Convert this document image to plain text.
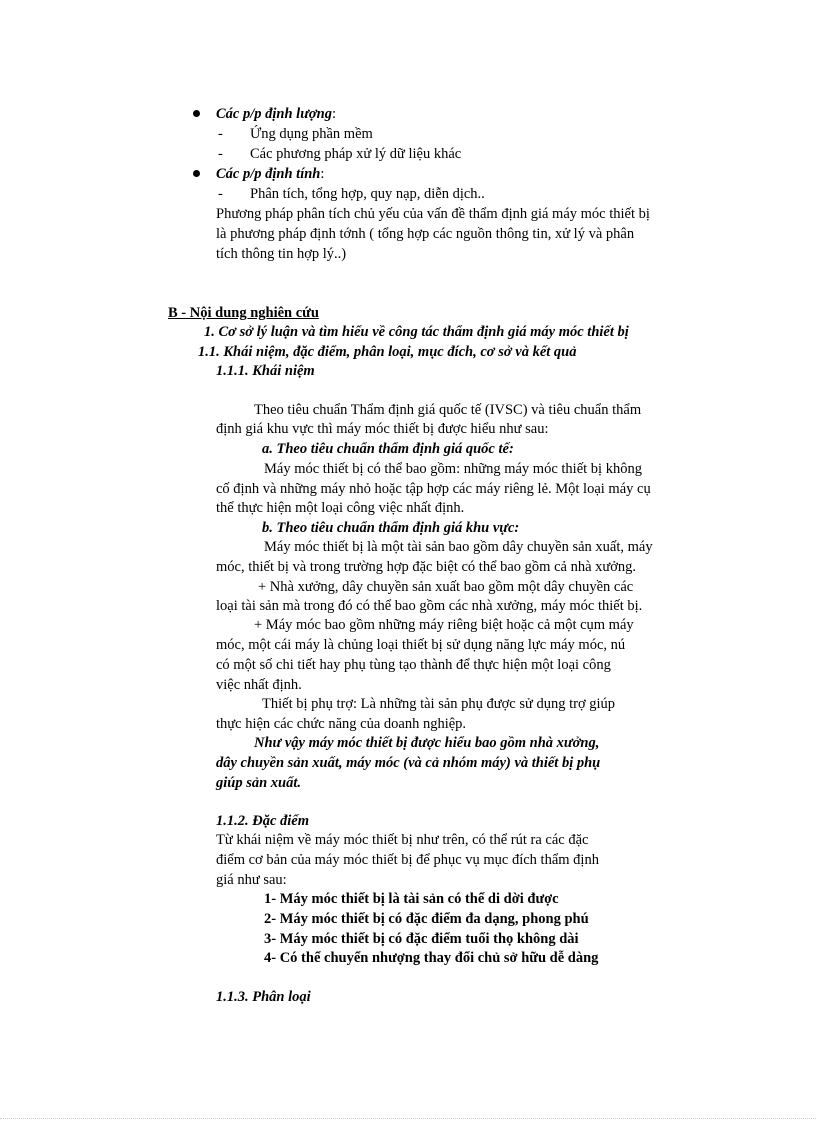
Các p/p định lượng:
- Ứng dụng phần mềm
- Các phương pháp xử lý dữ liệu khác
Các p/p định tính:
- Phân tích, tổng hợp, quy nạp, diễn dịch..
Phương pháp phân tích chủ yếu của vấn đề thẩm định giá máy móc thiết bị
là phương pháp định tớnh ( tổng hợp các nguồn thông tin, xử lý và phân
tích thông tin hợp lý..)
B - Nội dung nghiên cứu
1. Cơ sở lý luận và tìm hiểu về công tác thẩm định giá máy móc thiết bị
1.1. Khái niệm, đặc điểm, phân loại, mục đích, cơ sở và kết quả
1.1.1. Khái niệm
Theo tiêu chuẩn Thẩm định giá quốc tế (IVSC) và tiêu chuẩn thẩm
định giá khu vực thì máy móc thiết bị được hiểu như sau:
a. Theo tiêu chuẩn thẩm định giá quốc tế:
Máy móc thiết bị có thể bao gồm: những máy móc thiết bị không
cố định và những máy nhỏ hoặc tập hợp các máy riêng lẻ. Một loại máy cụ
thể thực hiện một loại công việc nhất định.
b. Theo tiêu chuẩn thẩm định giá khu vực:
Máy móc thiết bị là một tài sản bao gồm dây chuyền sản xuất, máy
móc, thiết bị và trong trường hợp đặc biệt có thể bao gồm cả nhà xưởng.
+ Nhà xưởng, dây chuyền sản xuất bao gồm một dây chuyền các
loại tài sản mà trong đó có thể bao gồm các nhà xưởng, máy móc thiết bị.
+ Máy móc bao gồm những máy riêng biệt hoặc cả một cụm máy
móc, một cái máy là chủng loại thiết bị sử dụng năng lực máy móc, nú
có một số chi tiết hay phụ tùng tạo thành để thực hiện một loại công
việc nhất định.
Thiết bị phụ trợ: Là những tài sản phụ được sử dụng trợ giúp
thực hiện các chức năng của doanh nghiệp.
Như vậy máy móc thiết bị được hiểu bao gồm nhà xưởng,
dây chuyền sản xuất, máy móc (và cả nhóm máy) và thiết bị phụ
giúp sản xuất.
1.1.2. Đặc điểm
Từ khái niệm về máy móc thiết bị như trên, có thể rút ra các đặc
điểm cơ bản của máy móc thiết bị để phục vụ mục đích thẩm định
giá như sau:
1- Máy móc thiết bị là tài sản có thể di dời được
2- Máy móc thiết bị có đặc điểm đa dạng, phong phú
3- Máy móc thiết bị có đặc điểm tuổi thọ không dài
4- Có thể chuyển nhượng thay đổi chủ sở hữu dễ dàng
1.1.3. Phân loại
